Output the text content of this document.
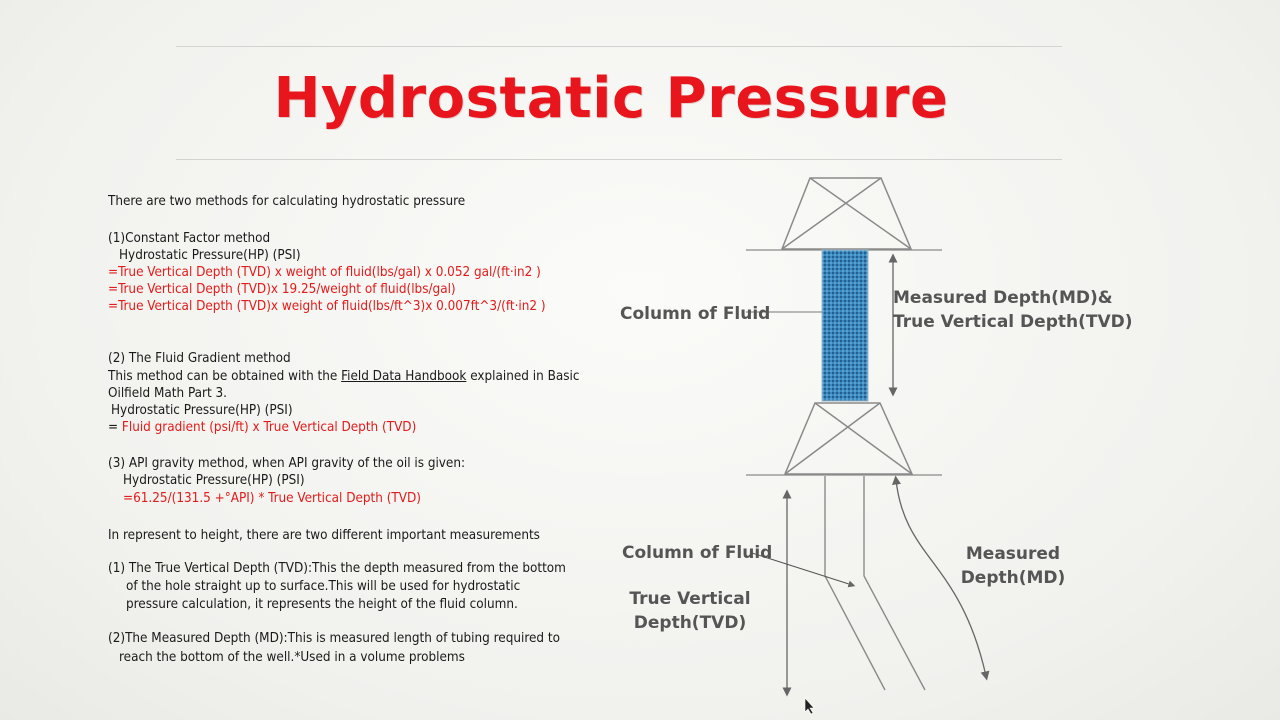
Hydrostatic Pressure
There are two methods for calculating hydrostatic pressure
(1)Constant Factor method
Hydrostatic Pressure(HP) (PSI)
=True Vertical Depth (TVD) x weight of fluid(lbs/gal) x 0.052 gal/(ft·in2 )
=True Vertical Depth (TVD)x 19.25/weight of fluid(lbs/gal)
=True Vertical Depth (TVD)x weight of fluid(lbs/ft^3)x 0.007ft^3/(ft·in2 )
(2) The Fluid Gradient method
This method can be obtained with the Field Data Handbook explained in Basic
Oilfield Math Part 3.
Hydrostatic Pressure(HP) (PSI)
= Fluid gradient (psi/ft) x True Vertical Depth (TVD)
(3) API gravity method, when API gravity of the oil is given:
Hydrostatic Pressure(HP) (PSI)
=61.25/(131.5 +°API) * True Vertical Depth (TVD)
In represent to height, there are two different important measurements
(1) The True Vertical Depth (TVD):This the depth measured from the bottom
of the hole straight up to surface.This will be used for hydrostatic
pressure calculation, it represents the height of the fluid column.
(2)The Measured Depth (MD):This is measured length of tubing required to
reach the bottom of the well.*Used in a volume problems
Column of Fluid
Measured Depth(MD)&
True Vertical Depth(TVD)
Column of Fluid
True Vertical
Depth(TVD)
Measured
Depth(MD)
